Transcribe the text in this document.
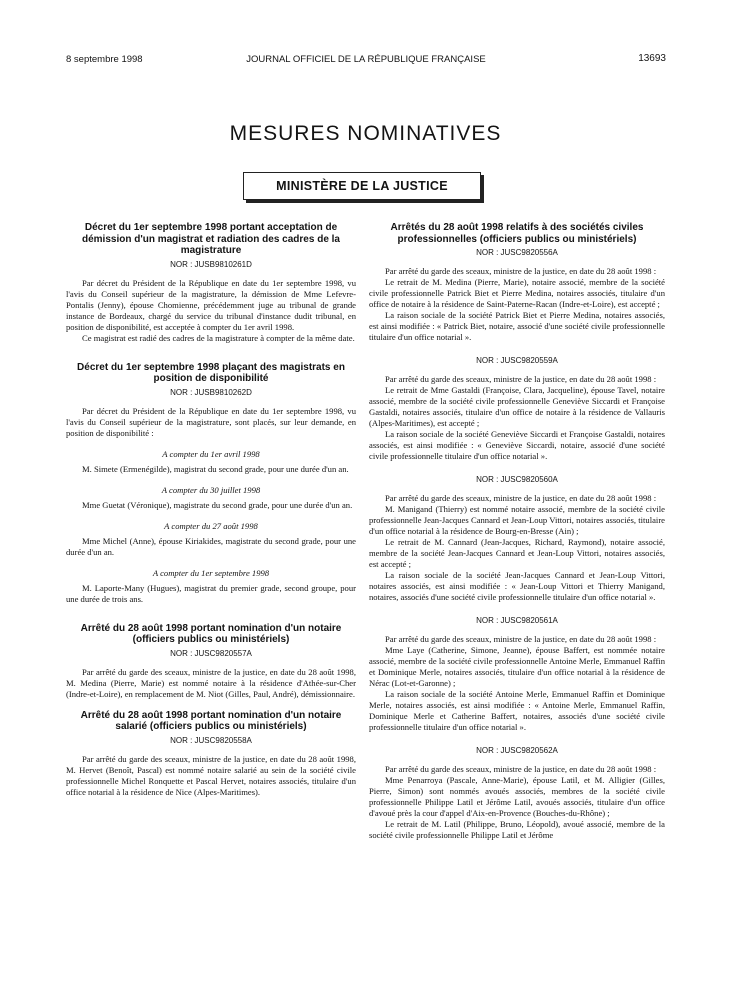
8 septembre 1998	JOURNAL OFFICIEL DE LA RÉPUBLIQUE FRANÇAISE	13693
MESURES NOMINATIVES
MINISTÈRE DE LA JUSTICE
Décret du 1er septembre 1998 portant acceptation de démission d'un magistrat et radiation des cadres de la magistrature
NOR : JUSB9810261D

Par décret du Président de la République en date du 1er septembre 1998, vu l'avis du Conseil supérieur de la magistrature, la démission de Mme Lefevre-Pontalis (Jenny), épouse Chomienne, précédemment juge au tribunal de grande instance de Bordeaux, chargé du service du tribunal d'instance dudit tribunal, en position de disponibilité, est acceptée à compter du 1er avril 1998.

Ce magistrat est radié des cadres de la magistrature à compter de la même date.

Décret du 1er septembre 1998 plaçant des magistrats en position de disponibilité
NOR : JUSB9810262D

Par décret du Président de la République en date du 1er septembre 1998, vu l'avis du Conseil supérieur de la magistrature, sont placés, sur leur demande, en position de disponibilité :

A compter du 1er avril 1998

M. Simete (Ermenégilde), magistrat du second grade, pour une durée d'un an.

A compter du 30 juillet 1998

Mme Guetat (Véronique), magistrate du second grade, pour une durée d'un an.

A compter du 27 août 1998

Mme Michel (Anne), épouse Kiriakides, magistrate du second grade, pour une durée d'un an.

A compter du 1er septembre 1998

M. Laporte-Many (Hugues), magistrat du premier grade, second groupe, pour une durée de trois ans.

Arrêté du 28 août 1998 portant nomination d'un notaire (officiers publics ou ministériels)
NOR : JUSC9820557A

Par arrêté du garde des sceaux, ministre de la justice, en date du 28 août 1998, M. Medina (Pierre, Marie) est nommé notaire à la résidence d'Athée-sur-Cher (Indre-et-Loire), en remplacement de M. Niot (Gilles, Paul, André), démissionnaire.

Arrêté du 28 août 1998 portant nomination d'un notaire salarié (officiers publics ou ministériels)
NOR : JUSC9820558A

Par arrêté du garde des sceaux, ministre de la justice, en date du 28 août 1998, M. Hervet (Benoît, Pascal) est nommé notaire salarié au sein de la société civile professionnelle Michel Ronquette et Pascal Hervet, notaires associés, titulaire d'un office notarial à la résidence de Nice (Alpes-Maritimes).

Arrêtés du 28 août 1998 relatifs à des sociétés civiles professionnelles (officiers publics ou ministériels)
NOR : JUSC9820556A

Par arrêté du garde des sceaux, ministre de la justice, en date du 28 août 1998 :

Le retrait de M. Medina (Pierre, Marie), notaire associé, membre de la société civile professionnelle Patrick Biet et Pierre Medina, notaires associés, titulaire d'un office de notaire à la résidence de Saint-Paterne-Racan (Indre-et-Loire), est accepté ;

La raison sociale de la société Patrick Biet et Pierre Medina, notaires associés, est ainsi modifiée : « Patrick Biet, notaire, associé d'une société civile professionnelle titulaire d'un office notarial ».

NOR : JUSC9820559A

Par arrêté du garde des sceaux, ministre de la justice, en date du 28 août 1998 :

Le retrait de Mme Gastaldi (Françoise, Clara, Jacqueline), épouse Tavel, notaire associé, membre de la société civile professionnelle Geneviève Siccardi et Françoise Gastaldi, notaires associés, titulaire d'un office de notaire à la résidence de Vallauris (Alpes-Maritimes), est accepté ;

La raison sociale de la société Geneviève Siccardi et Françoise Gastaldi, notaires associés, est ainsi modifiée : « Geneviève Siccardi, notaire, associé d'une société civile professionnelle titulaire d'un office notarial ».

NOR : JUSC9820560A

Par arrêté du garde des sceaux, ministre de la justice, en date du 28 août 1998 :

M. Manigand (Thierry) est nommé notaire associé, membre de la société civile professionnelle Jean-Jacques Cannard et Jean-Loup Vittori, notaires associés, titulaire d'un office notarial à la résidence de Bourg-en-Bresse (Ain) ;

Le retrait de M. Cannard (Jean-Jacques, Richard, Raymond), notaire associé, membre de la société Jean-Jacques Cannard et Jean-Loup Vittori, notaires associés, est accepté ;

La raison sociale de la société Jean-Jacques Cannard et Jean-Loup Vittori, notaires associés, est ainsi modifiée : « Jean-Loup Vittori et Thierry Manigand, notaires, associés d'une société civile professionnelle titulaire d'un office notarial ».

NOR : JUSC9820561A

Par arrêté du garde des sceaux, ministre de la justice, en date du 28 août 1998 :

Mme Laye (Catherine, Simone, Jeanne), épouse Baffert, est nommée notaire associé, membre de la société civile professionnelle Antoine Merle, Emmanuel Raffin et Dominique Merle, notaires associés, titulaire d'un office notarial à la résidence de Nérac (Lot-et-Garonne) ;

La raison sociale de la société Antoine Merle, Emmanuel Raffin et Dominique Merle, notaires associés, est ainsi modifiée : « Antoine Merle, Emmanuel Raffin, Dominique Merle et Catherine Baffert, notaires, associés d'une société civile professionnelle titulaire d'un office notarial ».

NOR : JUSC9820562A

Par arrêté du garde des sceaux, ministre de la justice, en date du 28 août 1998 :

Mme Penarroya (Pascale, Anne-Marie), épouse Latil, et M. Alligier (Gilles, Pierre, Simon) sont nommés avoués associés, membres de la société civile professionnelle Philippe Latil et Jérôme Latil, avoués associés, titulaire d'un office d'avoué près la cour d'appel d'Aix-en-Provence (Bouches-du-Rhône) ;

Le retrait de M. Latil (Philippe, Bruno, Léopold), avoué associé, membre de la société civile professionnelle Philippe Latil et Jérôme
